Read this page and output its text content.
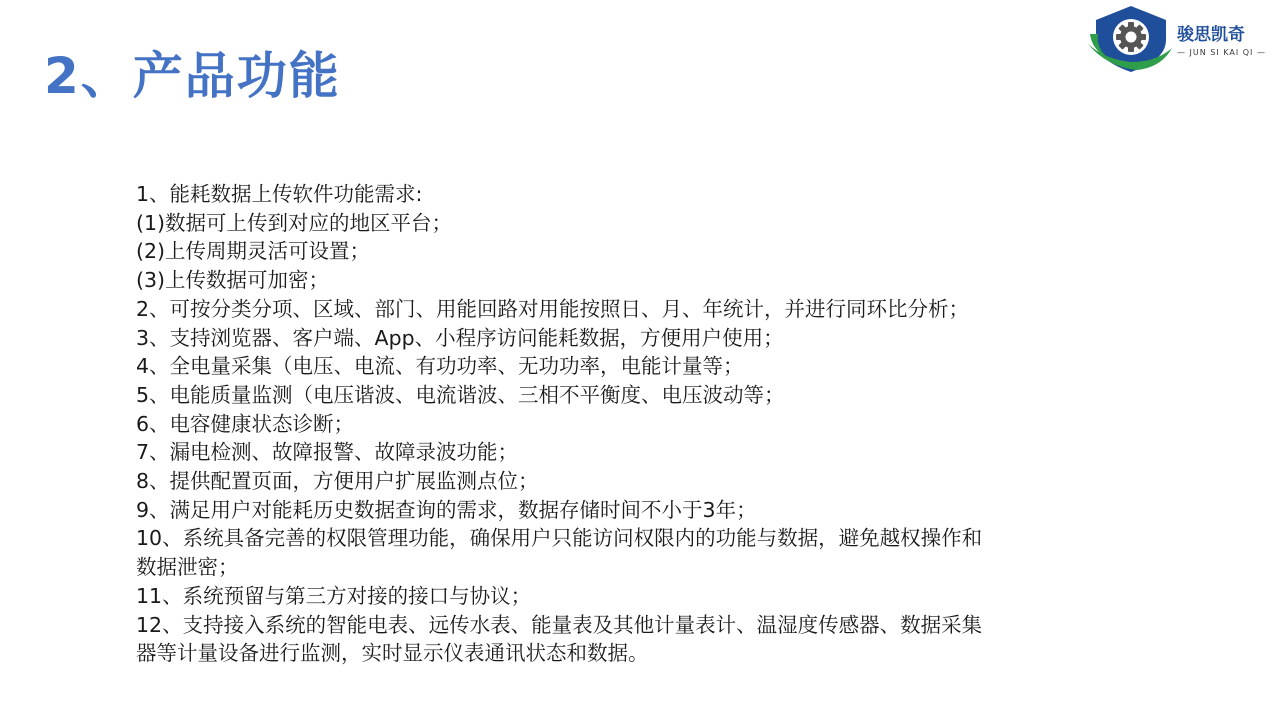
2、产品功能
骏思凯奇
— JUN SI KAI QI —
1、能耗数据上传软件功能需求:
(1)数据可上传到对应的地区平台；
(2)上传周期灵活可设置；
(3)上传数据可加密；
2、可按分类分项、区域、部门、用能回路对用能按照日、月、年统计，并进行同环比分析；
3、支持浏览器、客户端、App、小程序访问能耗数据，方便用户使用；
4、全电量采集（电压、电流、有功功率、无功功率，电能计量等；
5、电能质量监测（电压谐波、电流谐波、三相不平衡度、电压波动等；
6、电容健康状态诊断；
7、漏电检测、故障报警、故障录波功能；
8、提供配置页面，方便用户扩展监测点位；
9、满足用户对能耗历史数据查询的需求，数据存储时间不小于3年；
10、系统具备完善的权限管理功能，确保用户只能访问权限内的功能与数据，避免越权操作和
数据泄密；
11、系统预留与第三方对接的接口与协议；
12、支持接入系统的智能电表、远传水表、能量表及其他计量表计、温湿度传感器、数据采集
器等计量设备进行监测，实时显示仪表通讯状态和数据。
